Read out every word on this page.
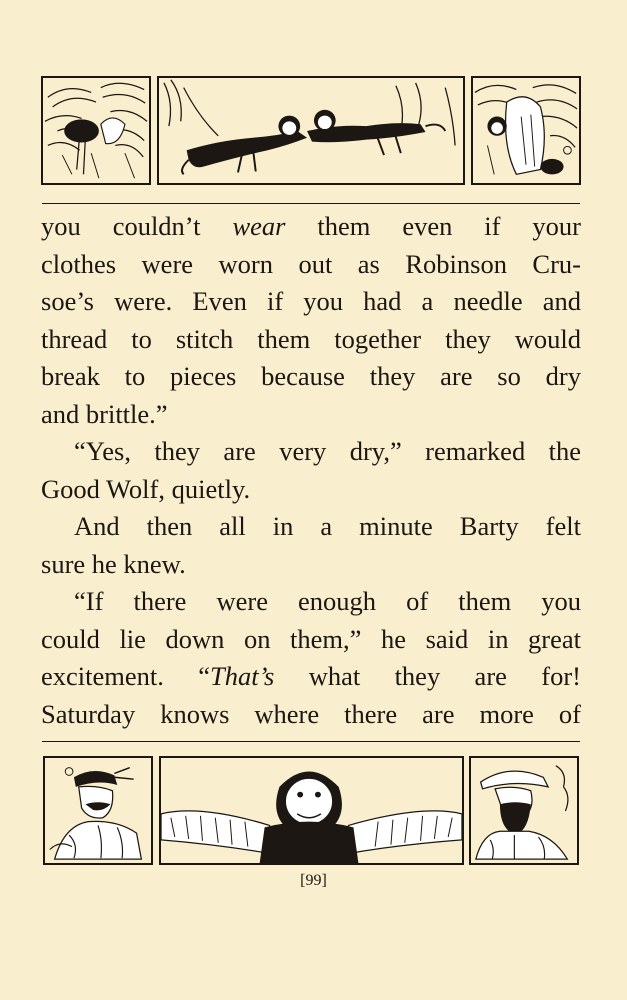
you couldn’t wear them even if your
clothes were worn out as Robinson Cru-
soe’s were. Even if you had a needle and
thread to stitch them together they would
break to pieces because they are so dry
and brittle.”
“Yes, they are very dry,” remarked the
Good Wolf, quietly.
And then all in a minute Barty felt
sure he knew.
“If there were enough of them you
could lie down on them,” he said in great
excitement. “That’s what they are for!
Saturday knows where there are more of
[99]
